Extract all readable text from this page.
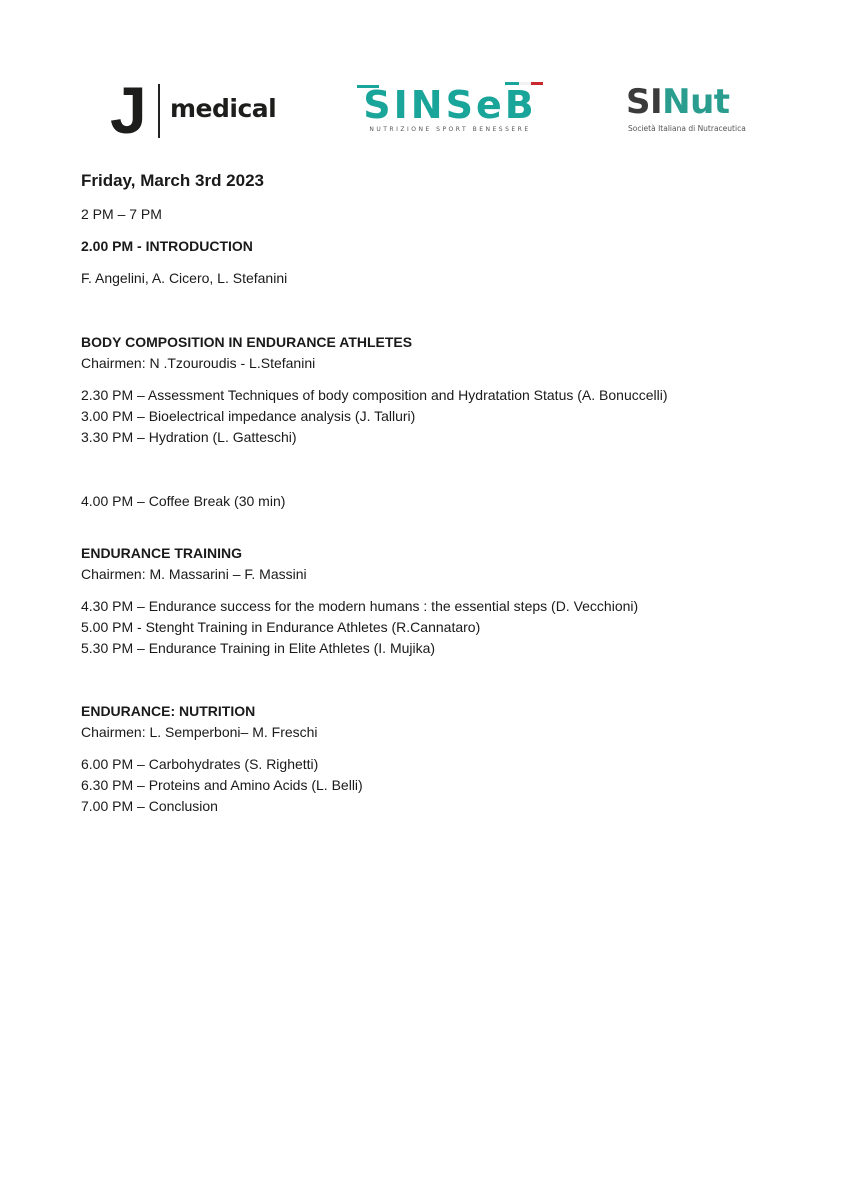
J medical SINSeB
NUTRIZIONE SPORT BENESSERE
SINut
Società Italiana di Nutraceutica
Friday, March 3rd 2023
2 PM – 7 PM
2.00 PM - INTRODUCTION
F. Angelini, A. Cicero, L. Stefanini
BODY COMPOSITION IN ENDURANCE ATHLETES
Chairmen: N .Tzouroudis - L.Stefanini
2.30 PM – Assessment Techniques of body composition and Hydratation Status (A. Bonuccelli)
3.00 PM – Bioelectrical impedance analysis (J. Talluri)
3.30 PM – Hydration (L. Gatteschi)
4.00 PM – Coffee Break (30 min)
ENDURANCE TRAINING
Chairmen: M. Massarini – F. Massini
4.30 PM – Endurance success for the modern humans : the essential steps (D. Vecchioni)
5.00 PM - Stenght Training in Endurance Athletes (R.Cannataro)
5.30 PM – Endurance Training in Elite Athletes (I. Mujika)
ENDURANCE: NUTRITION
Chairmen: L. Semperboni– M. Freschi
6.00 PM – Carbohydrates (S. Righetti)
6.30 PM – Proteins and Amino Acids (L. Belli)
7.00 PM – Conclusion
